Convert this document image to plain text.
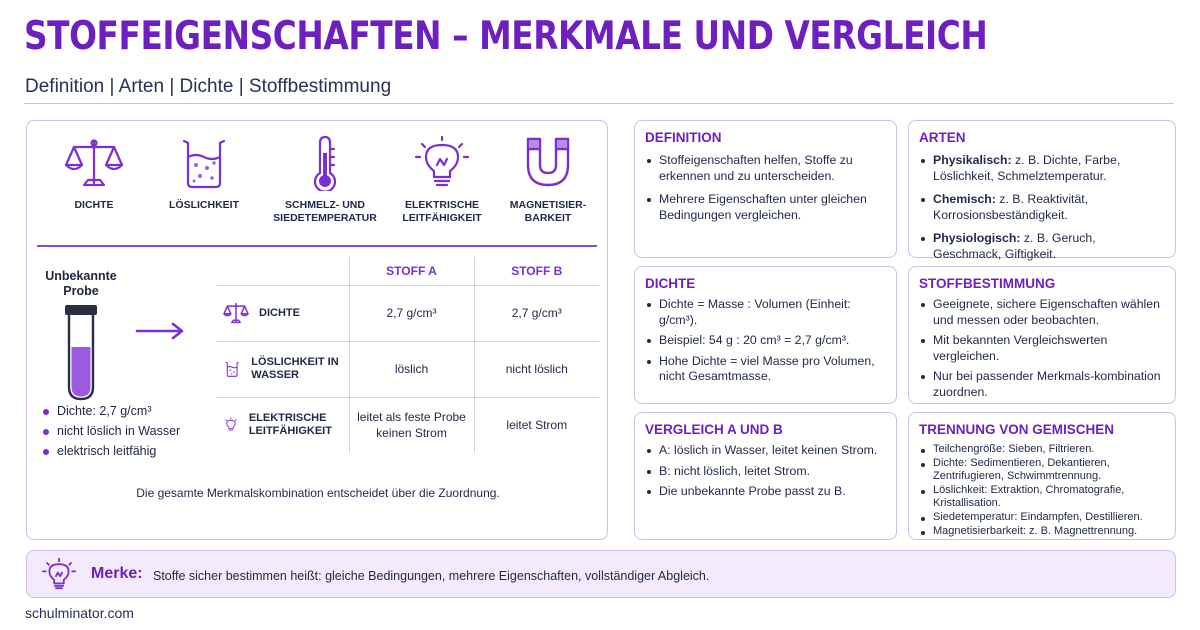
STOFFEIGENSCHAFTEN – MERKMALE UND VERGLEICH
Definition | Arten | Dichte | Stoffbestimmung
DICHTE	LÖSLICHKEIT	SCHMELZ- UND SIEDETEMPERATUR
ELEKTRISCHE LEITFÄHIGKEIT
MAGNETISIER-BARKEIT
Unbekannte Probe
Dichte: 2,7 g/cm³
nicht löslich in Wasser
elektrisch leitfähig
	STOFF A	STOFF B

DICHTE	2,7 g/cm³	2,7 g/cm³

LÖSLICHKEIT IN WASSER	löslich	nicht löslich

ELEKTRISCHE LEITFÄHIGKEIT	leitet als feste Probe keinen Strom	leitet Strom
Die gesamte Merkmalskombination entscheidet über die Zuordnung.
DEFINITION
Stoffeigenschaften helfen, Stoffe zu erkennen und zu unterscheiden.
Mehrere Eigenschaften unter gleichen Bedingungen vergleichen.
ARTEN
Physikalisch: z. B. Dichte, Farbe, Löslichkeit, Schmelztemperatur.
Chemisch: z. B. Reaktivität, Korrosionsbeständigkeit.
Physiologisch: z. B. Geruch, Geschmack, Giftigkeit.
DICHTE
Dichte = Masse : Volumen (Einheit: g/cm³).
Beispiel: 54 g : 20 cm³ = 2,7 g/cm³.
Hohe Dichte = viel Masse pro Volumen, nicht Gesamtmasse.
STOFFBESTIMMUNG
Geeignete, sichere Eigenschaften wählen und messen oder beobachten.
Mit bekannten Vergleichswerten vergleichen.
Nur bei passender Merkmals-kombination zuordnen.
VERGLEICH A UND B
A: löslich in Wasser, leitet keinen Strom.
B: nicht löslich, leitet Strom.
Die unbekannte Probe passt zu B.
TRENNUNG VON GEMISCHEN
Teilchengröße: Sieben, Filtrieren.
Dichte: Sedimentieren, Dekantieren, Zentrifugieren, Schwimmtrennung.
Löslichkeit: Extraktion, Chromatografie, Kristallisation.
Siedetemperatur: Eindampfen, Destillieren.
Magnetisierbarkeit: z. B. Magnettrennung.
Merke: Stoffe sicher bestimmen heißt: gleiche Bedingungen, mehrere Eigenschaften, vollständiger Abgleich.
schulminator.com
